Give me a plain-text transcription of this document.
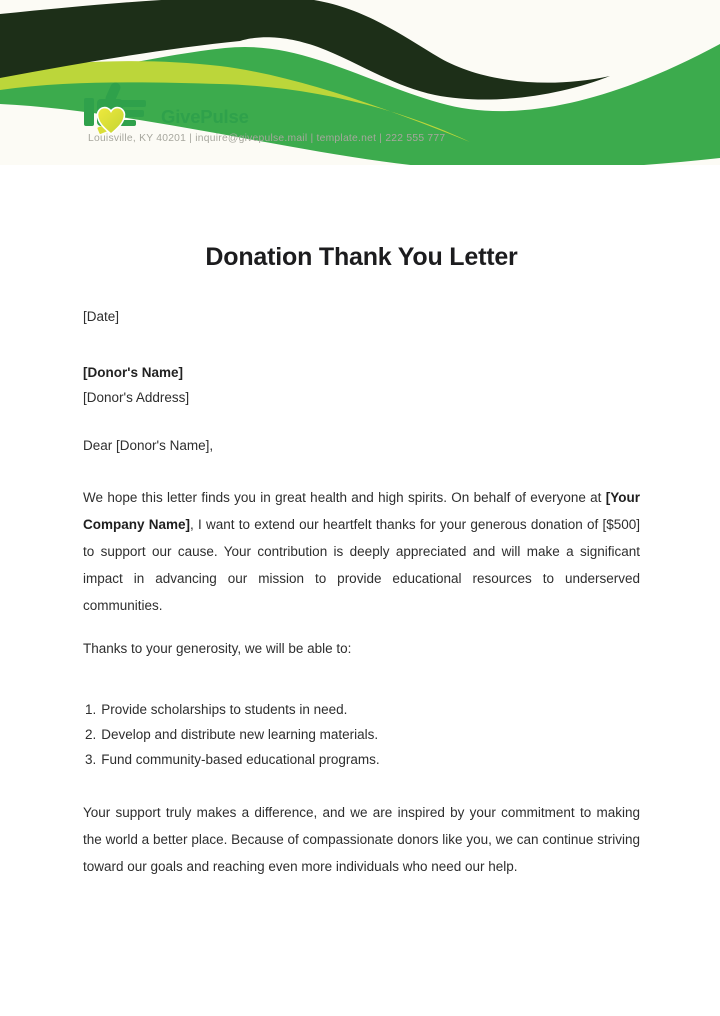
GivePulse
Louisville, KY 40201 | inquire@givepulse.mail | template.net | 222 555 777
Donation Thank You Letter

[Date]

[Donor's Name]

[Donor's Address]

Dear [Donor's Name],

We hope this letter finds you in great health and high spirits. On behalf of everyone at [Your Company Name], I want to extend our heartfelt thanks for your generous donation of [$500] to support our cause. Your contribution is deeply appreciated and will make a significant impact in advancing our mission to provide educational resources to underserved communities.

Thanks to your generosity, we will be able to:

1. Provide scholarships to students in need.
2. Develop and distribute new learning materials.
3. Fund community-based educational programs.

Your support truly makes a difference, and we are inspired by your commitment to making the world a better place. Because of compassionate donors like you, we can continue striving toward our goals and reaching even more individuals who need our help.
